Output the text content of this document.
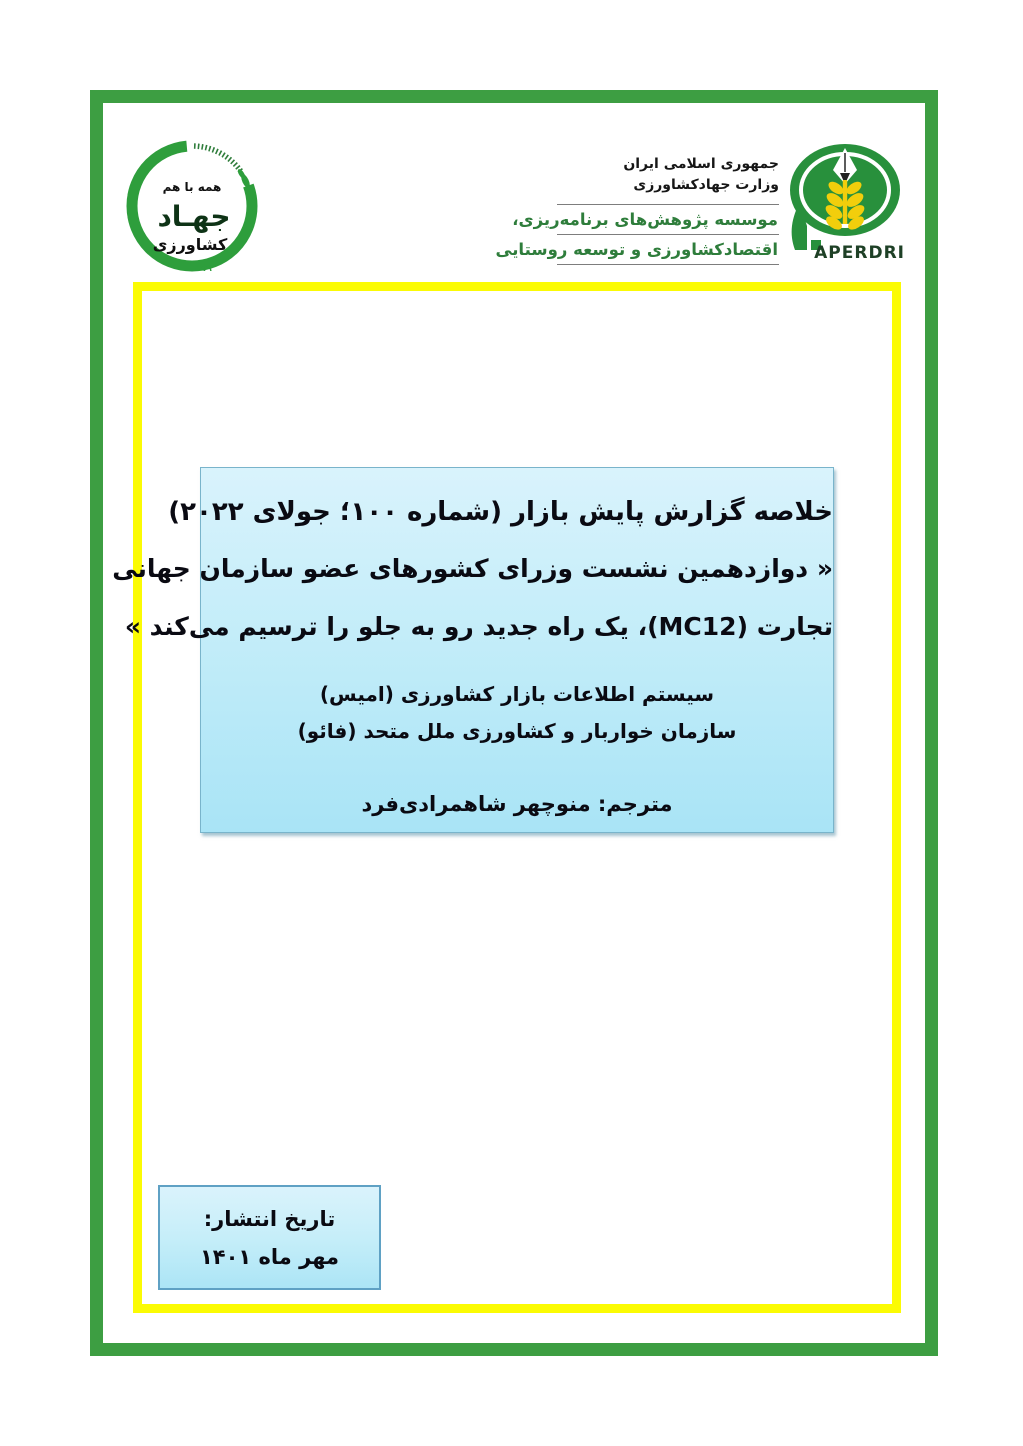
۱۳۷۹
همه با هم
جهـاد
کشاورزی
جمهوری اسلامی ایران
وزارت جهادکشاورزی
موسسه پژوهش‌های برنامه‌ریزی،
اقتصادکشاورزی و توسعه روستایی APERDRI
خلاصه گزارش پایش بازار (شماره ۱۰۰؛ جولای ۲۰۲۲)
« دوازدهمین نشست وزرای کشورهای عضو سازمان جهانی
تجارت (MC12)، یک راه جدید رو به جلو را ترسیم می‌کند »
سیستم اطلاعات بازار کشاورزی (امیس)
سازمان خواربار و کشاورزی ملل متحد (فائو)
مترجم: منوچهر شاهمرادی‌فرد
تاریخ انتشار:
مهر ماه ۱۴۰۱
